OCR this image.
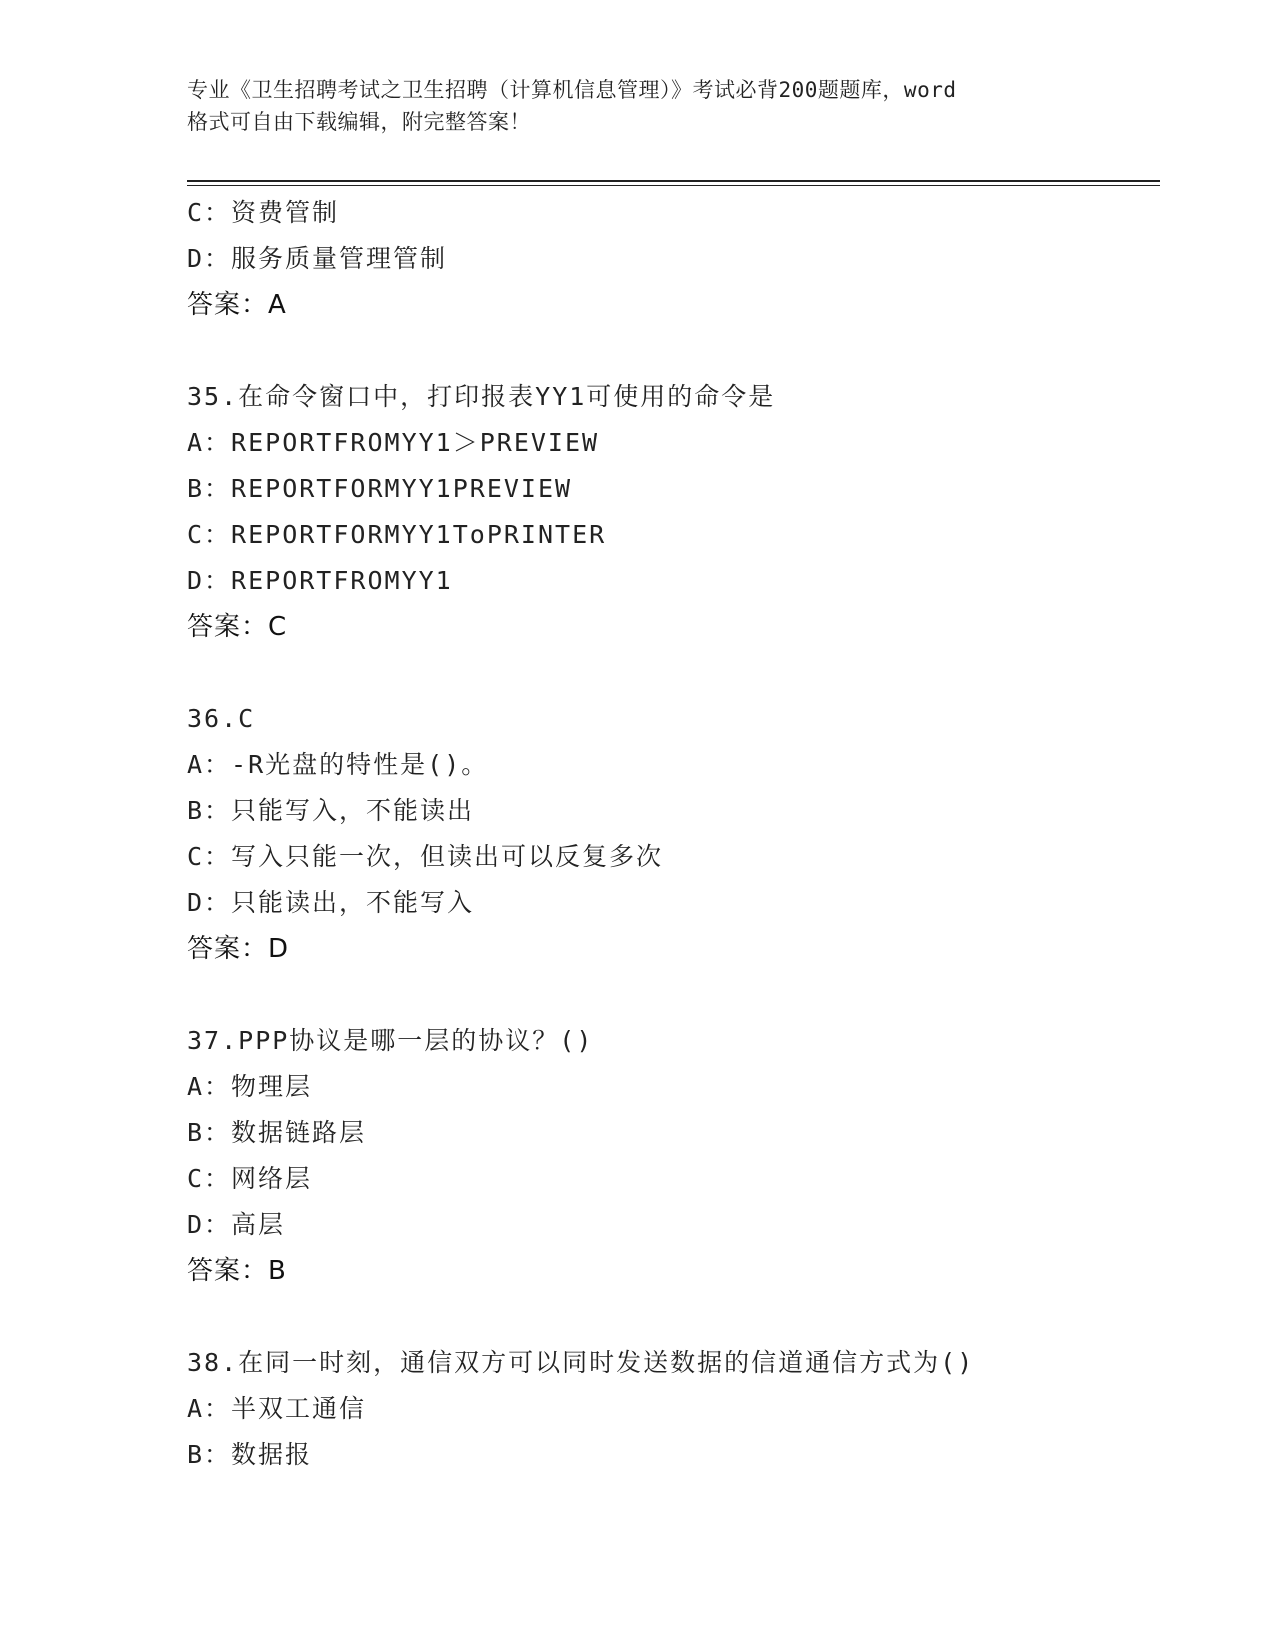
专业《卫生招聘考试之卫生招聘（计算机信息管理）》考试必背200题题库，word
格式可自由下载编辑，附完整答案！
C：资费管制
D：服务质量管理管制
答案：A
35.在命令窗口中，打印报表YY1可使用的命令是
A：REPORTFROMYY1＞PREVIEW
B：REPORTFORMYY1PREVIEW
C：REPORTFORMYY1ToPRINTER
D：REPORTFROMYY1
答案：C
36.C
A：-R光盘的特性是()。
B：只能写入，不能读出
C：写入只能一次，但读出可以反复多次
D：只能读出，不能写入
答案：D
37.PPP协议是哪一层的协议？()
A：物理层
B：数据链路层
C：网络层
D：高层
答案：B
38.在同一时刻，通信双方可以同时发送数据的信道通信方式为()
A：半双工通信
B：数据报
